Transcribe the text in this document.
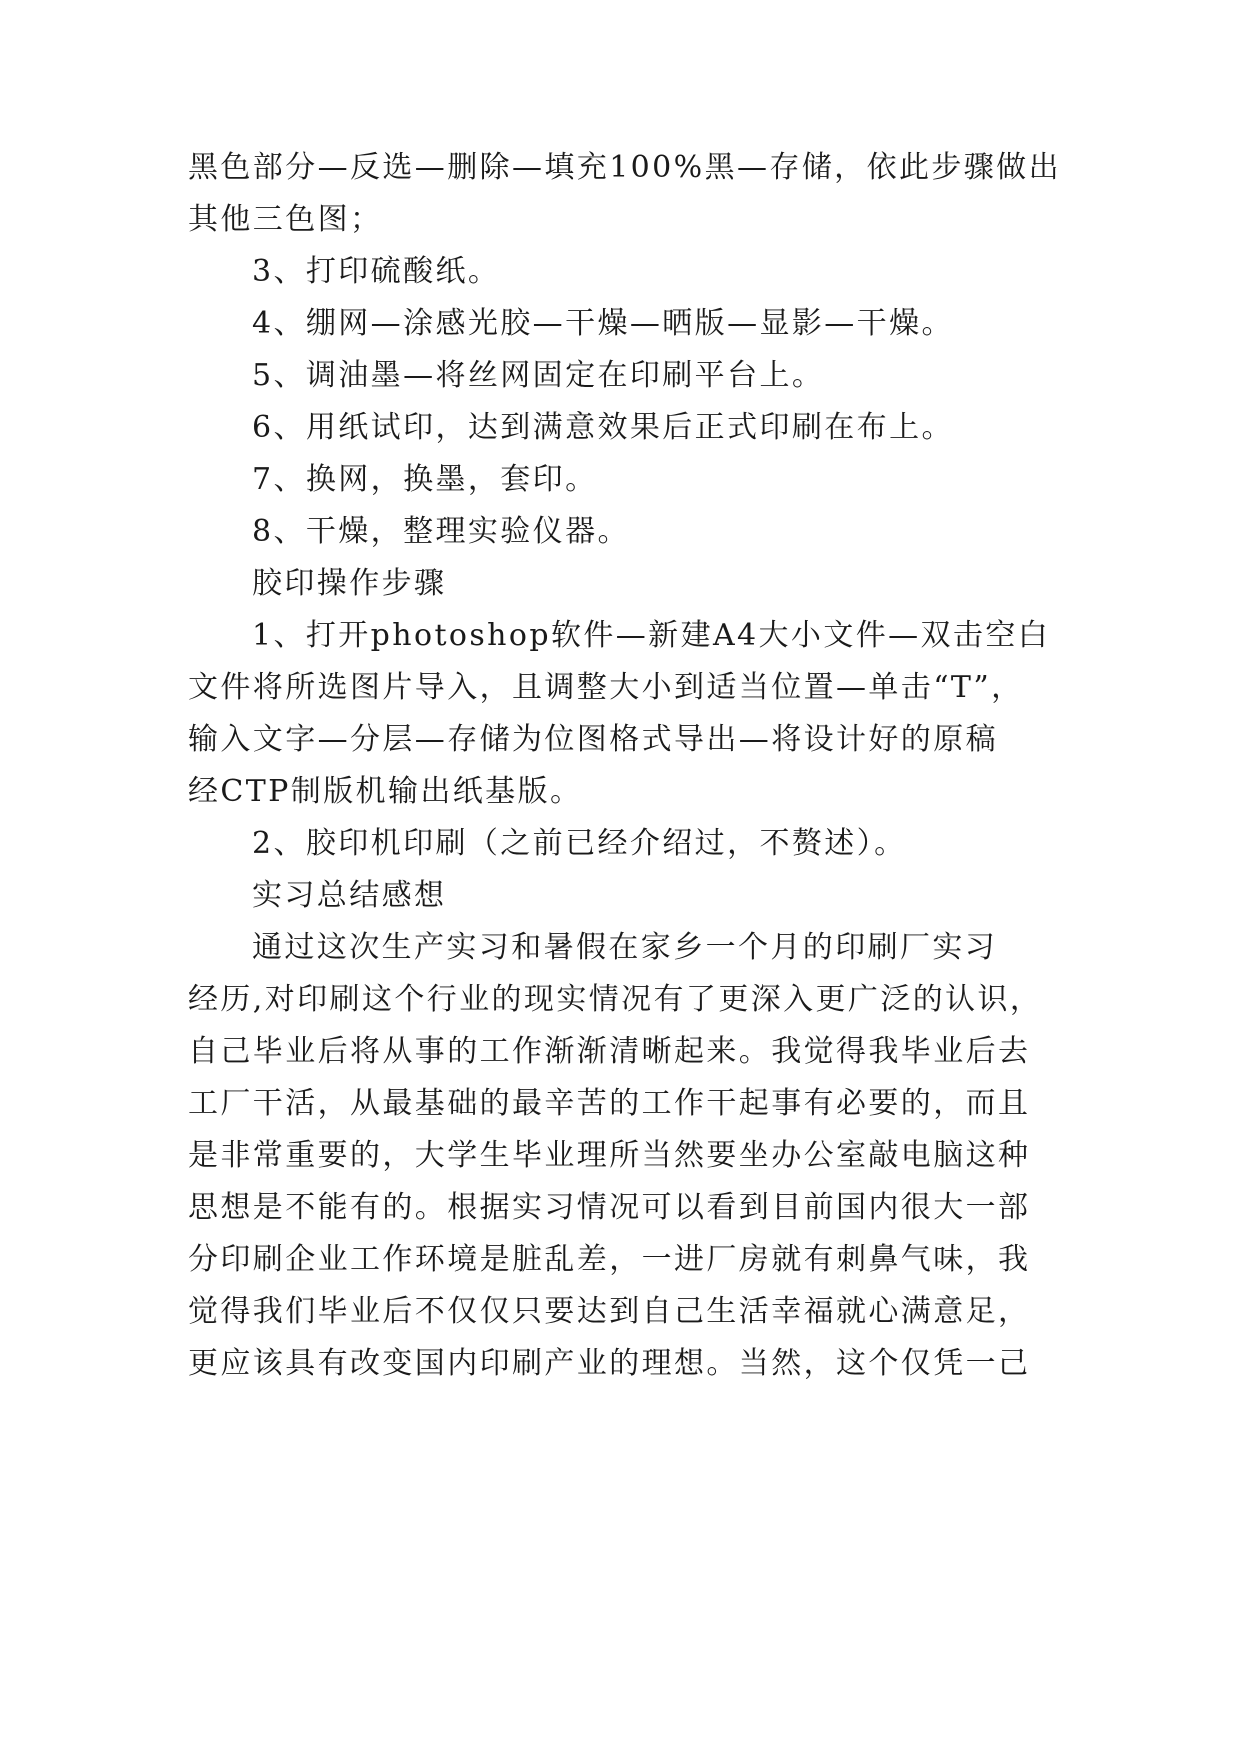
黑色部分—反选—删除—填充100%黑—存储，依此步骤做出
其他三色图；
3、打印硫酸纸。
4、绷网—涂感光胶—干燥—晒版—显影—干燥。
5、调油墨—将丝网固定在印刷平台上。
6、用纸试印，达到满意效果后正式印刷在布上。
7、换网，换墨，套印。
8、干燥，整理实验仪器。
胶印操作步骤
1、打开photoshop软件—新建A4大小文件—双击空白
文件将所选图片导入，且调整大小到适当位置—单击“T”，
输入文字—分层—存储为位图格式导出—将设计好的原稿
经CTP制版机输出纸基版。
2、胶印机印刷（之前已经介绍过，不赘述）。
实习总结感想
通过这次生产实习和暑假在家乡一个月的印刷厂实习
经历,对印刷这个行业的现实情况有了更深入更广泛的认识，
自己毕业后将从事的工作渐渐清晰起来。我觉得我毕业后去
工厂干活，从最基础的最辛苦的工作干起事有必要的，而且
是非常重要的，大学生毕业理所当然要坐办公室敲电脑这种
思想是不能有的。根据实习情况可以看到目前国内很大一部
分印刷企业工作环境是脏乱差，一进厂房就有刺鼻气味，我
觉得我们毕业后不仅仅只要达到自己生活幸福就心满意足，
更应该具有改变国内印刷产业的理想。当然，这个仅凭一己
